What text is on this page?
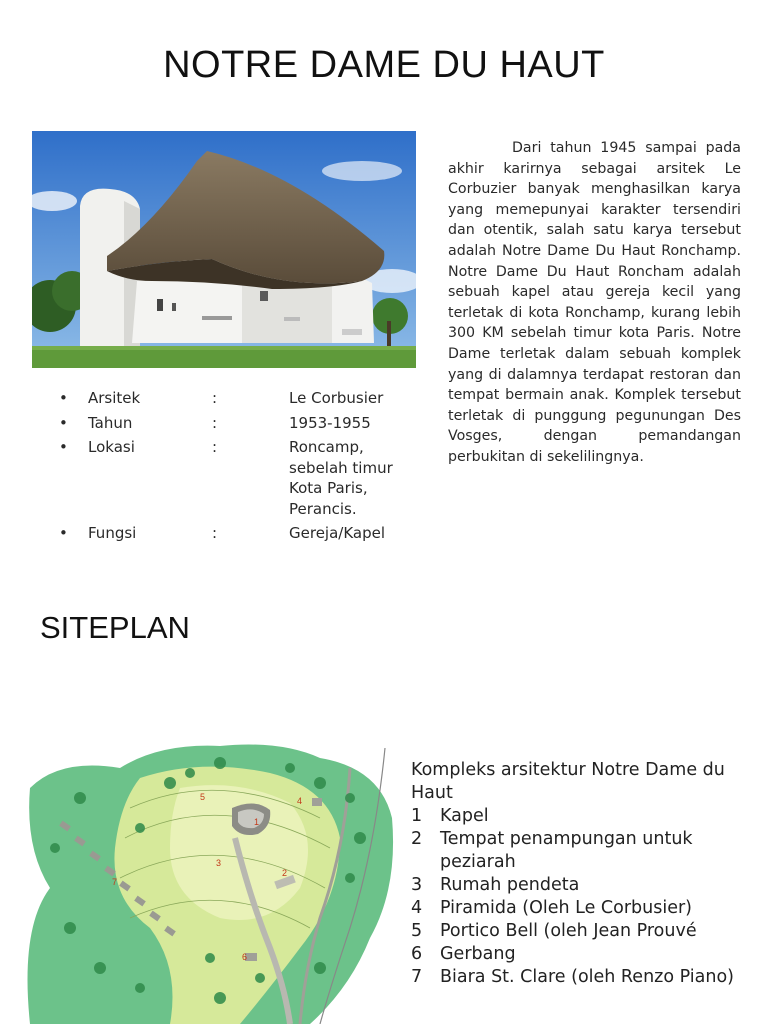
NOTRE DAME DU HAUT
Dari tahun 1945 sampai pada akhir karirnya sebagai arsitek Le Corbuzier banyak menghasilkan karya yang memepunyai karakter tersendiri dan otentik, salah satu karya tersebut adalah Notre Dame Du Haut Ronchamp. Notre Dame Du Haut Roncham adalah sebuah kapel atau gereja kecil yang terletak di kota Ronchamp, kurang lebih 300 KM sebelah timur kota Paris. Notre Dame terletak dalam sebuah komplek yang di dalamnya terdapat restoran dan tempat bermain anak. Komplek tersebut terletak di punggung pegunungan Des Vosges, dengan pemandangan perbukitan di sekelilingnya.
• Arsitek	:	Le Corbusier
• Tahun	:	1953-1955
• Lokasi	:	Roncamp, sebelah timur Kota Paris, Perancis.
• Fungsi	:	Gereja/Kapel
SITEPLAN
1
2
3
4
5
6
7
Kompleks arsitektur Notre Dame du Haut
1 Kapel
2 Tempat penampungan untuk peziarah
3 Rumah pendeta
4 Piramida (Oleh Le Corbusier)
5 Portico Bell (oleh Jean Prouvé
6 Gerbang
7 Biara St. Clare (oleh Renzo Piano)
